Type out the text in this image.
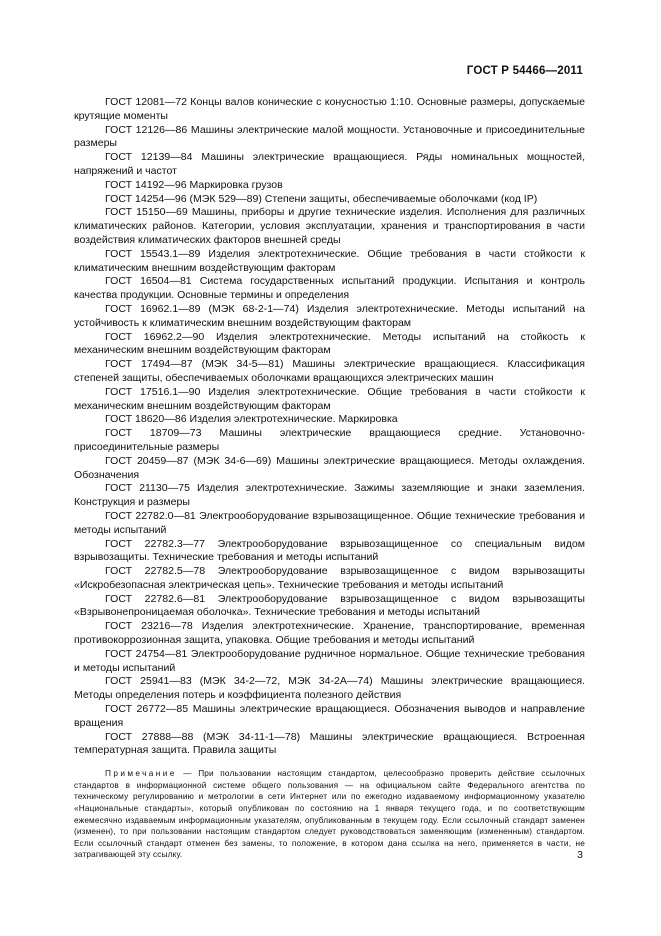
ГОСТ Р 54466—2011

ГОСТ 12081—72 Концы валов конические с конусностью 1:10. Основные размеры, допускаемые крутящие моменты

ГОСТ 12126—86 Машины электрические малой мощности. Установочные и присоединительные размеры

ГОСТ 12139—84 Машины электрические вращающиеся. Ряды номинальных мощностей, напряжений и частот

ГОСТ 14192—96 Маркировка грузов

ГОСТ 14254—96 (МЭК 529—89) Степени защиты, обеспечиваемые оболочками (код IP)

ГОСТ 15150—69 Машины, приборы и другие технические изделия. Исполнения для различных климатических районов. Категории, условия эксплуатации, хранения и транспортирования в части воздействия климатических факторов внешней среды

ГОСТ 15543.1—89 Изделия электротехнические. Общие требования в части стойкости к климатическим внешним воздействующим факторам

ГОСТ 16504—81 Система государственных испытаний продукции. Испытания и контроль качества продукции. Основные термины и определения

ГОСТ 16962.1—89 (МЭК 68-2-1—74) Изделия электротехнические. Методы испытаний на устойчивость к климатическим внешним воздействующим факторам

ГОСТ 16962.2—90 Изделия электротехнические. Методы испытаний на стойкость к механическим внешним воздействующим факторам

ГОСТ 17494—87 (МЭК 34-5—81) Машины электрические вращающиеся. Классификация степеней защиты, обеспечиваемых оболочками вращающихся электрических машин

ГОСТ 17516.1—90 Изделия электротехнические. Общие требования в части стойкости к механическим внешним воздействующим факторам

ГОСТ 18620—86 Изделия электротехнические. Маркировка

ГОСТ 18709—73 Машины электрические вращающиеся средние. Установочно-присоединительные размеры

ГОСТ 20459—87 (МЭК 34-6—69) Машины электрические вращающиеся. Методы охлаждения. Обозначения

ГОСТ 21130—75 Изделия электротехнические. Зажимы заземляющие и знаки заземления. Конструкция и размеры

ГОСТ 22782.0—81 Электрооборудование взрывозащищенное. Общие технические требования и методы испытаний

ГОСТ 22782.3—77 Электрооборудование взрывозащищенное со специальным видом взрывозащиты. Технические требования и методы испытаний

ГОСТ 22782.5—78 Электрооборудование взрывозащищенное с видом взрывозащиты «Искробезопасная электрическая цепь». Технические требования и методы испытаний

ГОСТ 22782.6—81 Электрооборудование взрывозащищенное с видом взрывозащиты «Взрывонепроницаемая оболочка». Технические требования и методы испытаний

ГОСТ 23216—78 Изделия электротехнические. Хранение, транспортирование, временная противокоррозионная защита, упаковка. Общие требования и методы испытаний

ГОСТ 24754—81 Электрооборудование рудничное нормальное. Общие технические требования и методы испытаний

ГОСТ 25941—83 (МЭК 34-2—72, МЭК 34-2А—74) Машины электрические вращающиеся. Методы определения потерь и коэффициента полезного действия

ГОСТ 26772—85 Машины электрические вращающиеся. Обозначения выводов и направление вращения

ГОСТ 27888—88 (МЭК 34-11-1—78) Машины электрические вращающиеся. Встроенная температурная защита. Правила защиты

Примечание — При пользовании настоящим стандартом, целесообразно проверить действие ссылочных стандартов в информационной системе общего пользования — на официальном сайте Федерального агентства по техническому регулированию и метрологии в сети Интернет или по ежегодно издаваемому информационному указателю «Национальные стандарты», который опубликован по состоянию на 1 января текущего года, и по соответствующим ежемесячно издаваемым информационным указателям, опубликованным в текущем году. Если ссылочный стандарт заменен (изменен), то при пользовании настоящим стандартом следует руководствоваться заменяющим (измененным) стандартом. Если ссылочный стандарт отменен без замены, то положение, в котором дана ссылка на него, применяется в части, не затрагивающей эту ссылку.	3
